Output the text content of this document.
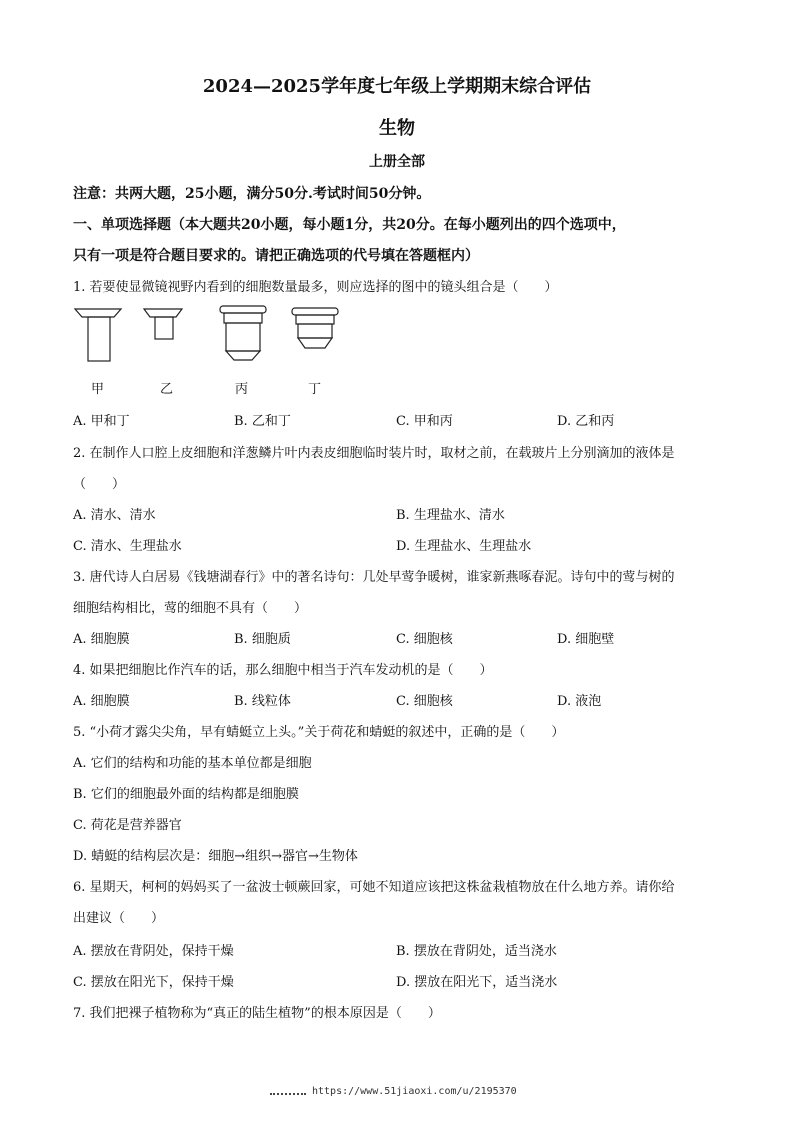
2024—2025学年度七年级上学期期末综合评估
生物
上册全部
注意：共两大题，25小题，满分50分.考试时间50分钟。
一、单项选择题（本大题共20小题，每小题1分，共20分。在每小题列出的四个选项中，
只有一项是符合题目要求的。请把正确选项的代号填在答题框内）
1. 若要使显微镜视野内看到的细胞数量最多，则应选择的图中的镜头组合是（　　）
甲	乙	丙	丁
A. 甲和丁	B. 乙和丁	C. 甲和丙	D. 乙和丙
2. 在制作人口腔上皮细胞和洋葱鳞片叶内表皮细胞临时装片时，取材之前，在载玻片上分别滴加的液体是
（　　）
A. 清水、清水	B. 生理盐水、清水
C. 清水、生理盐水	D. 生理盐水、生理盐水
3. 唐代诗人白居易《钱塘湖春行》中的著名诗句：几处早莺争暖树，谁家新燕啄春泥。诗句中的莺与树的
细胞结构相比，莺的细胞不具有（　　）
A. 细胞膜	B. 细胞质	C. 细胞核	D. 细胞壁
4. 如果把细胞比作汽车的话，那么细胞中相当于汽车发动机的是（　　）
A. 细胞膜	B. 线粒体	C. 细胞核	D. 液泡
5. “小荷才露尖尖角，早有蜻蜓立上头。”关于荷花和蜻蜓的叙述中，正确的是（　　）
A. 它们的结构和功能的基本单位都是细胞
B. 它们的细胞最外面的结构都是细胞膜
C. 荷花是营养器官
D. 蜻蜓的结构层次是：细胞→组织→器官→生物体
6. 星期天，柯柯的妈妈买了一盆波士顿蕨回家，可她不知道应该把这株盆栽植物放在什么地方养。请你给
出建议（　　）
A. 摆放在背阴处，保持干燥	B. 摆放在背阴处，适当浇水
C. 摆放在阳光下，保持干燥	D. 摆放在阳光下，适当浇水
7. 我们把裸子植物称为“真正的陆生植物”的根本原因是（　　）
https://www.51jiaoxi.com/u/2195370
